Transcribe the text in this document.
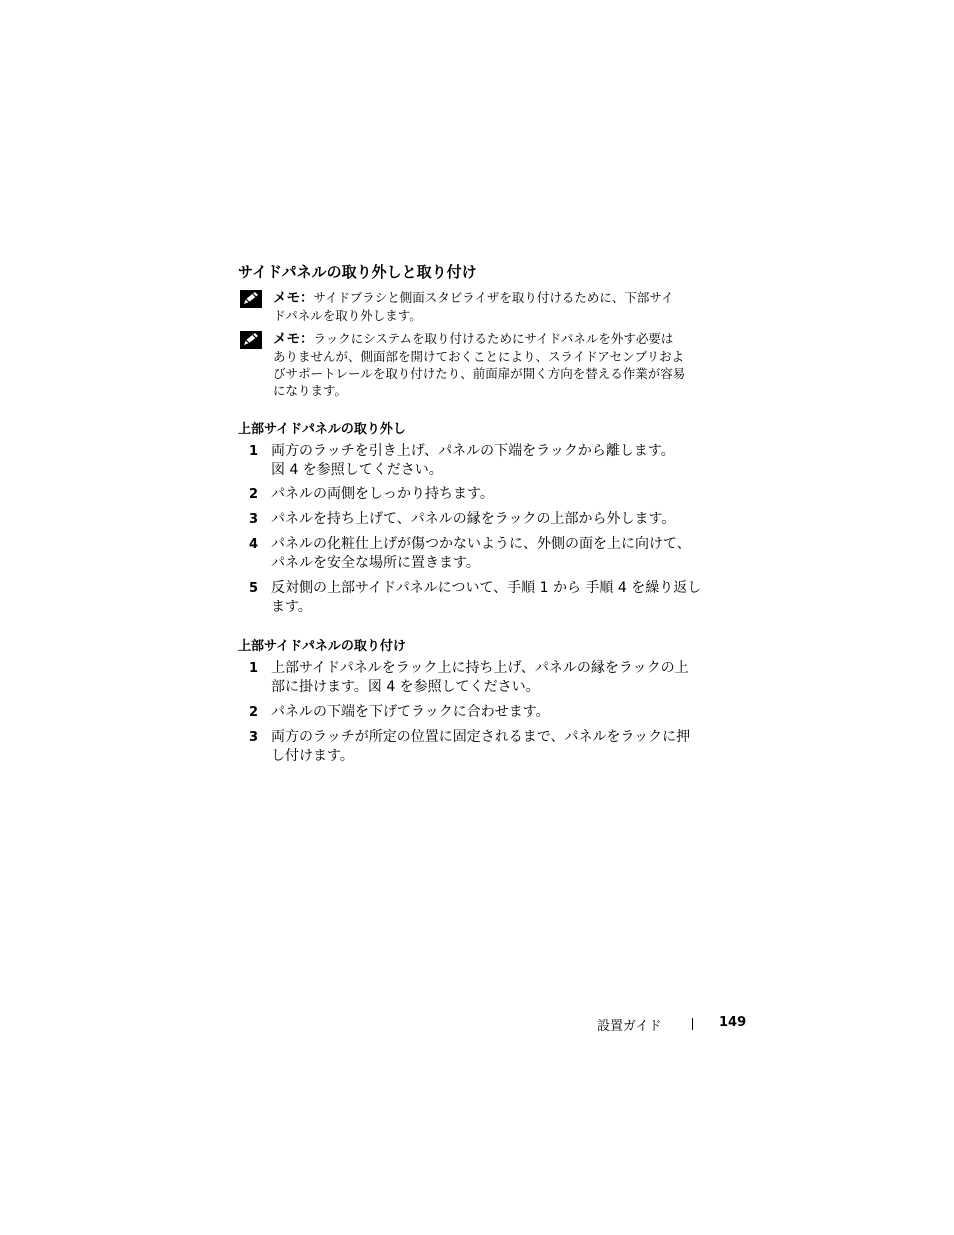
サイドパネルの取り外しと取り付け
メモ：サイドブラシと側面スタビライザを取り付けるために、下部サイ
ドパネルを取り外します。
メモ：ラックにシステムを取り付けるためにサイドパネルを外す必要は
ありませんが、側面部を開けておくことにより、スライドアセンブリおよ
びサポートレールを取り付けたり、前面扉が開く方向を替える作業が容易
になります。
上部サイドパネルの取り外し
1 両方のラッチを引き上げ、パネルの下端をラックから離します。
図 4 を参照してください。
2 パネルの両側をしっかり持ちます。
3 パネルを持ち上げて、パネルの縁をラックの上部から外します。
4 パネルの化粧仕上げが傷つかないように、外側の面を上に向けて、
パネルを安全な場所に置きます。
5 反対側の上部サイドパネルについて、手順 1 から 手順 4 を繰り返し
ます。
上部サイドパネルの取り付け
1 上部サイドパネルをラック上に持ち上げ、パネルの縁をラックの上
部に掛けます。図 4 を参照してください。
2 パネルの下端を下げてラックに合わせます。
3 両方のラッチが所定の位置に固定されるまで、パネルをラックに押
し付けます。
設置ガイド	149
